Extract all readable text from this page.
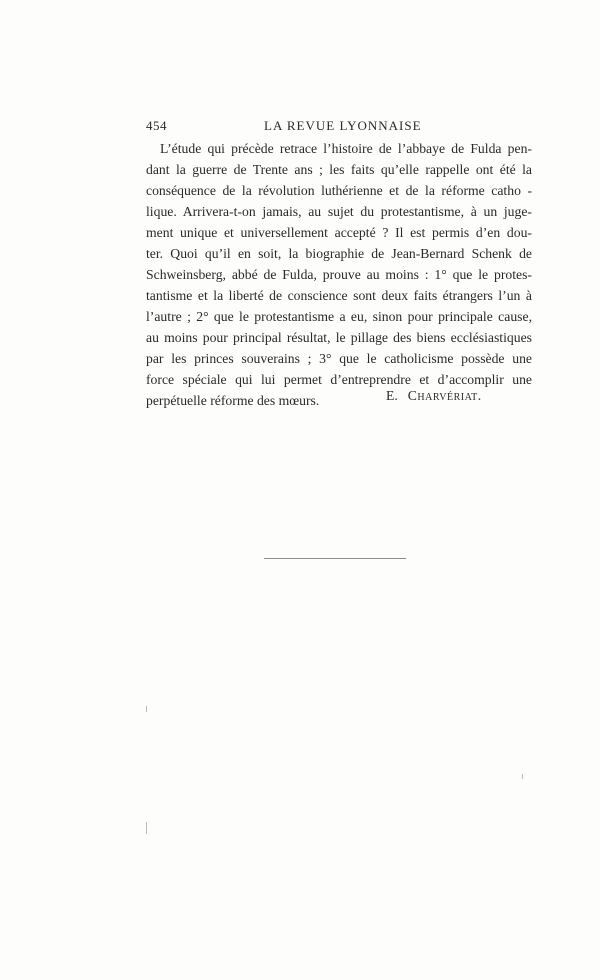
454	LA REVUE LYONNAISE
L’étude qui précède retrace l’histoire de l’abbaye de Fulda pen-
dant la guerre de Trente ans ; les faits qu’elle rappelle ont été la
conséquence de la révolution luthérienne et de la réforme catho -
lique. Arrivera-t-on jamais, au sujet du protestantisme, à un juge-
ment unique et universellement accepté ? Il est permis d’en dou-
ter. Quoi qu’il en soit, la biographie de Jean-Bernard Schenk de
Schweinsberg, abbé de Fulda, prouve au moins : 1° que le protes-
tantisme et la liberté de conscience sont deux faits étrangers l’un à
l’autre ; 2° que le protestantisme a eu, sinon pour principale cause,
au moins pour principal résultat, le pillage des biens ecclésiastiques
par les princes souverains ; 3° que le catholicisme possède une
force spéciale qui lui permet d’entreprendre et d’accomplir une
perpétuelle réforme des mœurs.	E. Charvériat.
